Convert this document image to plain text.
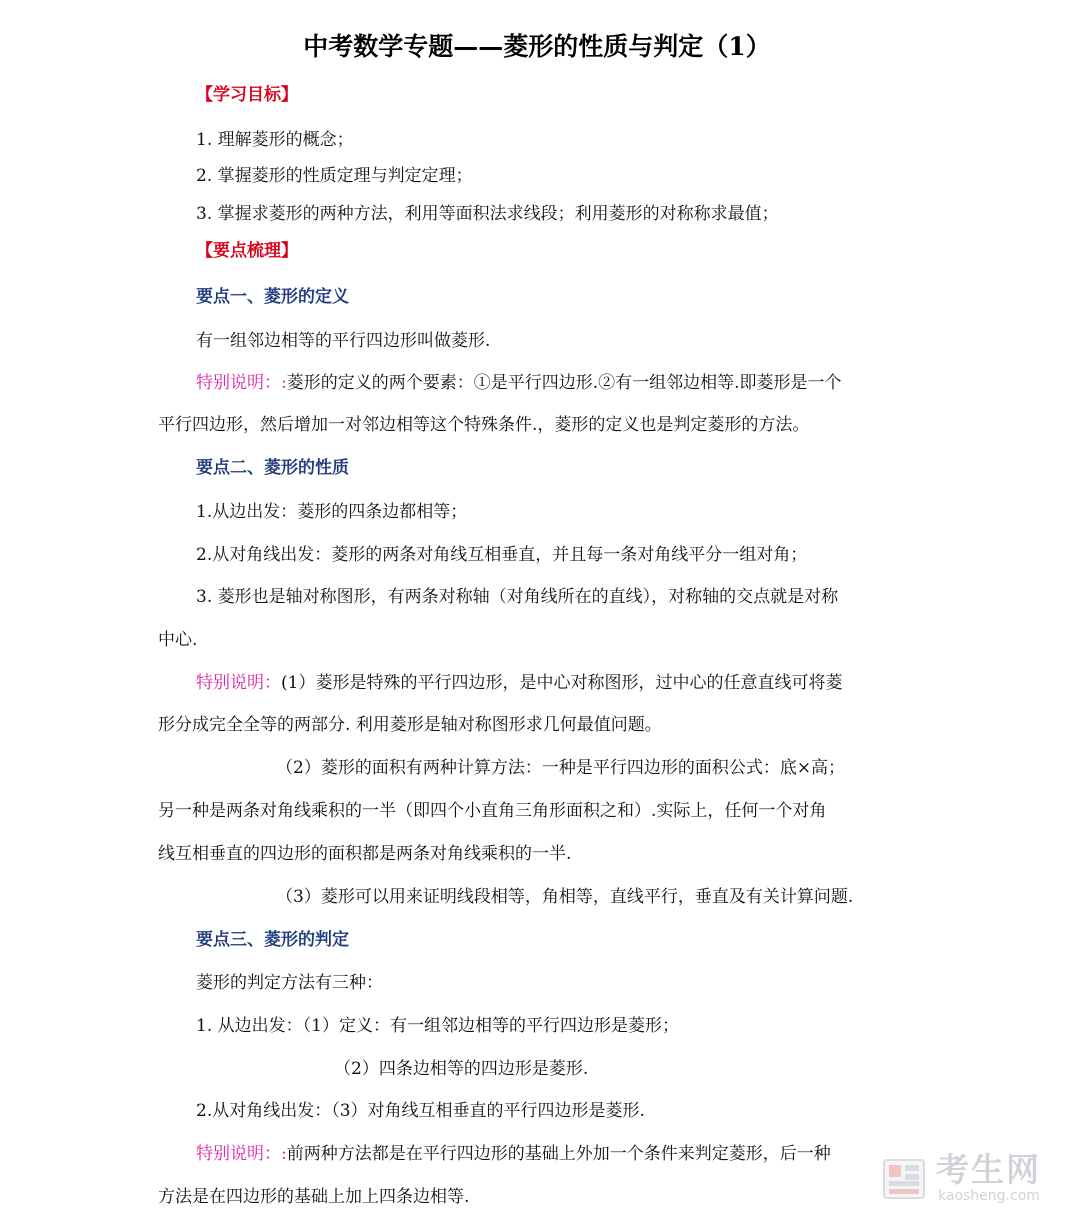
中考数学专题——菱形的性质与判定（1）
【学习目标】
1. 理解菱形的概念；
2. 掌握菱形的性质定理与判定定理；
3. 掌握求菱形的两种方法，利用等面积法求线段；利用菱形的对称称求最值；
【要点梳理】
要点一、菱形的定义
有一组邻边相等的平行四边形叫做菱形.
特别说明：:菱形的定义的两个要素：①是平行四边形.②有一组邻边相等.即菱形是一个
平行四边形，然后增加一对邻边相等这个特殊条件.，菱形的定义也是判定菱形的方法。
要点二、菱形的性质
1.从边出发：菱形的四条边都相等；
2.从对角线出发：菱形的两条对角线互相垂直，并且每一条对角线平分一组对角；
3. 菱形也是轴对称图形，有两条对称轴（对角线所在的直线），对称轴的交点就是对称
中心.
特别说明：(1）菱形是特殊的平行四边形，是中心对称图形，过中心的任意直线可将菱
形分成完全全等的两部分. 利用菱形是轴对称图形求几何最值问题。
（2）菱形的面积有两种计算方法：一种是平行四边形的面积公式：底×高；
另一种是两条对角线乘积的一半（即四个小直角三角形面积之和）.实际上，任何一个对角
线互相垂直的四边形的面积都是两条对角线乘积的一半.
（3）菱形可以用来证明线段相等，角相等，直线平行，垂直及有关计算问题.
要点三、菱形的判定
菱形的判定方法有三种：
1. 从边出发：（1）定义：有一组邻边相等的平行四边形是菱形；
（2）四条边相等的四边形是菱形.
2.从对角线出发：（3）对角线互相垂直的平行四边形是菱形.
特别说明：:前两种方法都是在平行四边形的基础上外加一个条件来判定菱形，后一种
方法是在四边形的基础上加上四条边相等.
考生网
kaosheng.com
